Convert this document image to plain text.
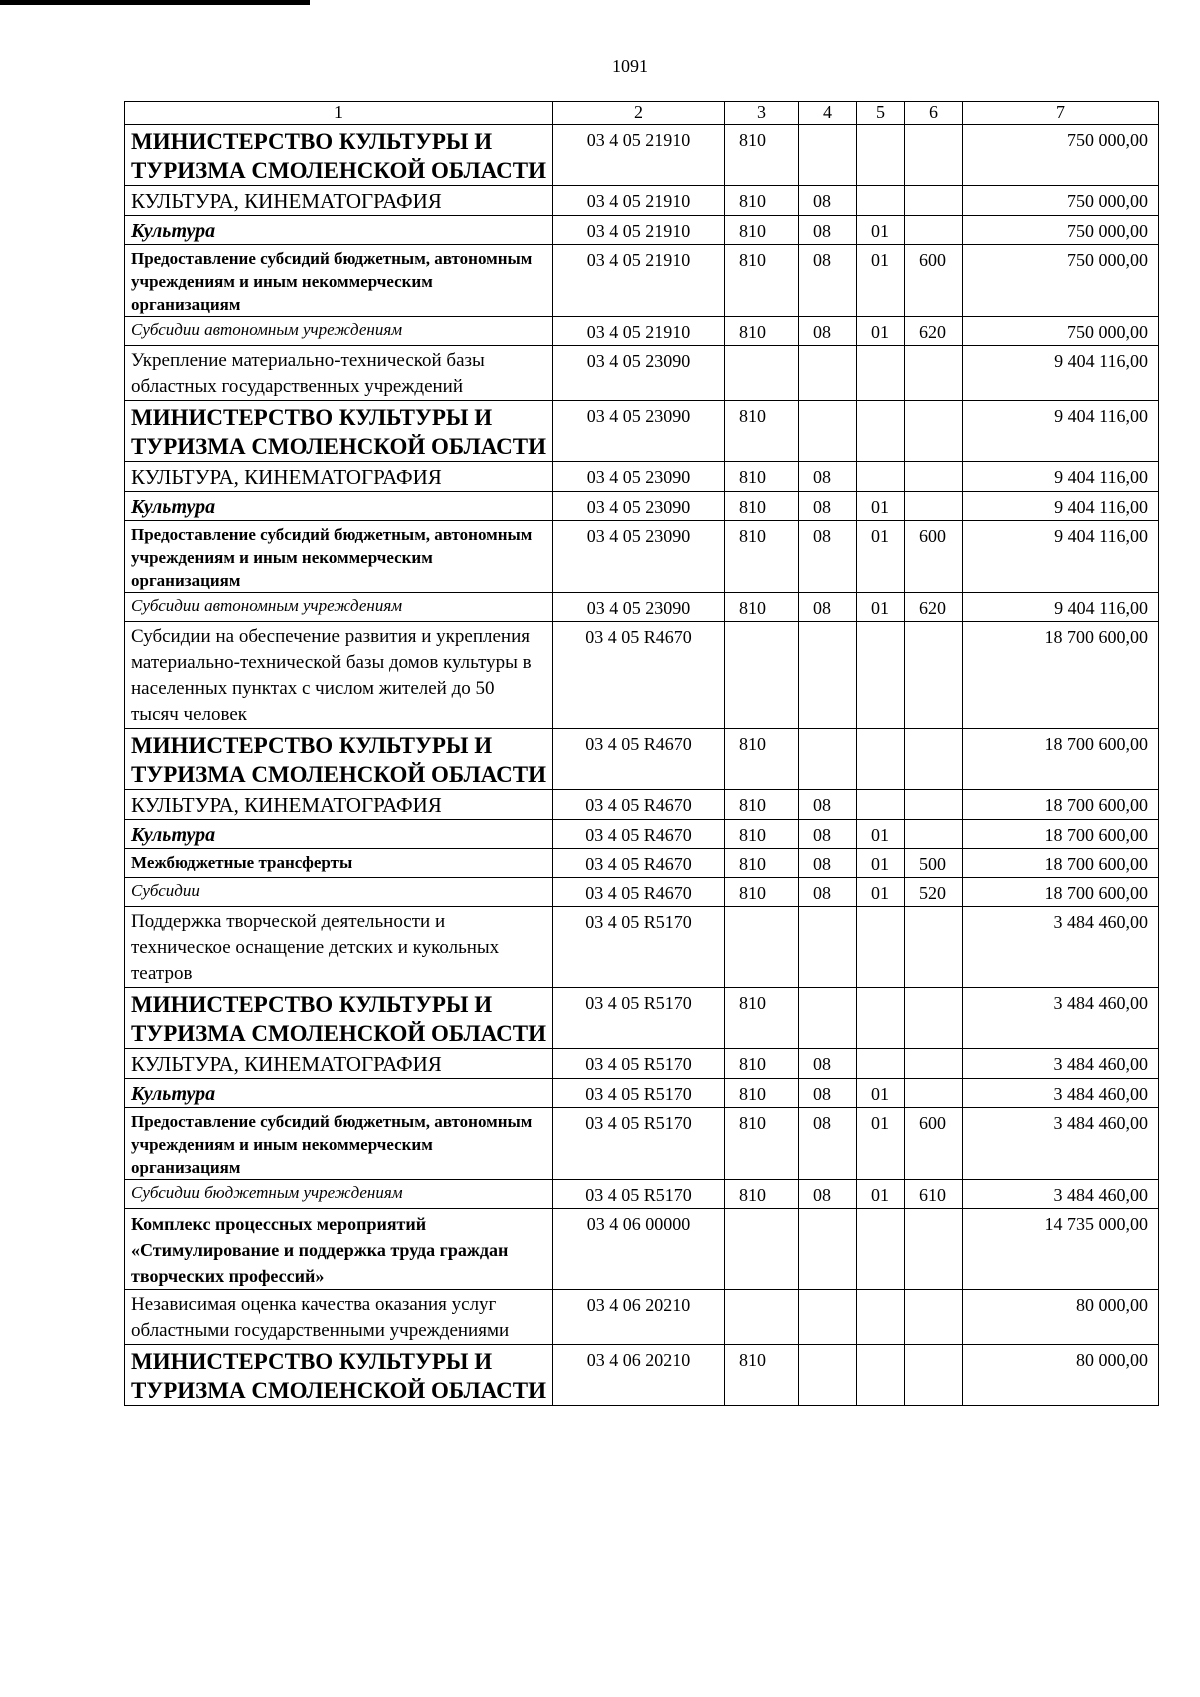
1091
1	2	3	4	5	6	7
МИНИСТЕРСТВО КУЛЬТУРЫ И ТУРИЗМА СМОЛЕНСКОЙ ОБЛАСТИ	03 4 05 21910	810				750 000,00
КУЛЬТУРА, КИНЕМАТОГРАФИЯ	03 4 05 21910	810	08			750 000,00
Культура	03 4 05 21910	810	08	01		750 000,00
Предоставление субсидий бюджетным, автономным учреждениям и иным некоммерческим организациям	03 4 05 21910	810	08	01	600	750 000,00
Субсидии автономным учреждениям	03 4 05 21910	810	08	01	620	750 000,00
Укрепление материально-технической базы областных государственных учреждений	03 4 05 23090					9 404 116,00
МИНИСТЕРСТВО КУЛЬТУРЫ И ТУРИЗМА СМОЛЕНСКОЙ ОБЛАСТИ	03 4 05 23090	810				9 404 116,00
КУЛЬТУРА, КИНЕМАТОГРАФИЯ	03 4 05 23090	810	08			9 404 116,00
Культура	03 4 05 23090	810	08	01		9 404 116,00
Предоставление субсидий бюджетным, автономным учреждениям и иным некоммерческим организациям	03 4 05 23090	810	08	01	600	9 404 116,00
Субсидии автономным учреждениям	03 4 05 23090	810	08	01	620	9 404 116,00
Субсидии на обеспечение развития и укрепления материально-технической базы домов культуры в населенных пунктах с числом жителей до 50 тысяч человек	03 4 05 R4670					18 700 600,00
МИНИСТЕРСТВО КУЛЬТУРЫ И ТУРИЗМА СМОЛЕНСКОЙ ОБЛАСТИ	03 4 05 R4670	810				18 700 600,00
КУЛЬТУРА, КИНЕМАТОГРАФИЯ	03 4 05 R4670	810	08			18 700 600,00
Культура	03 4 05 R4670	810	08	01		18 700 600,00
Межбюджетные трансферты	03 4 05 R4670	810	08	01	500	18 700 600,00
Субсидии	03 4 05 R4670	810	08	01	520	18 700 600,00
Поддержка творческой деятельности и техническое оснащение детских и кукольных театров	03 4 05 R5170					3 484 460,00
МИНИСТЕРСТВО КУЛЬТУРЫ И ТУРИЗМА СМОЛЕНСКОЙ ОБЛАСТИ	03 4 05 R5170	810				3 484 460,00
КУЛЬТУРА, КИНЕМАТОГРАФИЯ	03 4 05 R5170	810	08			3 484 460,00
Культура	03 4 05 R5170	810	08	01		3 484 460,00
Предоставление субсидий бюджетным, автономным учреждениям и иным некоммерческим организациям	03 4 05 R5170	810	08	01	600	3 484 460,00
Субсидии бюджетным учреждениям	03 4 05 R5170	810	08	01	610	3 484 460,00
Комплекс процессных мероприятий «Стимулирование и поддержка труда граждан творческих профессий»	03 4 06 00000					14 735 000,00
Независимая оценка качества оказания услуг областными государственными учреждениями	03 4 06 20210					80 000,00
МИНИСТЕРСТВО КУЛЬТУРЫ И ТУРИЗМА СМОЛЕНСКОЙ ОБЛАСТИ	03 4 06 20210	810				80 000,00
